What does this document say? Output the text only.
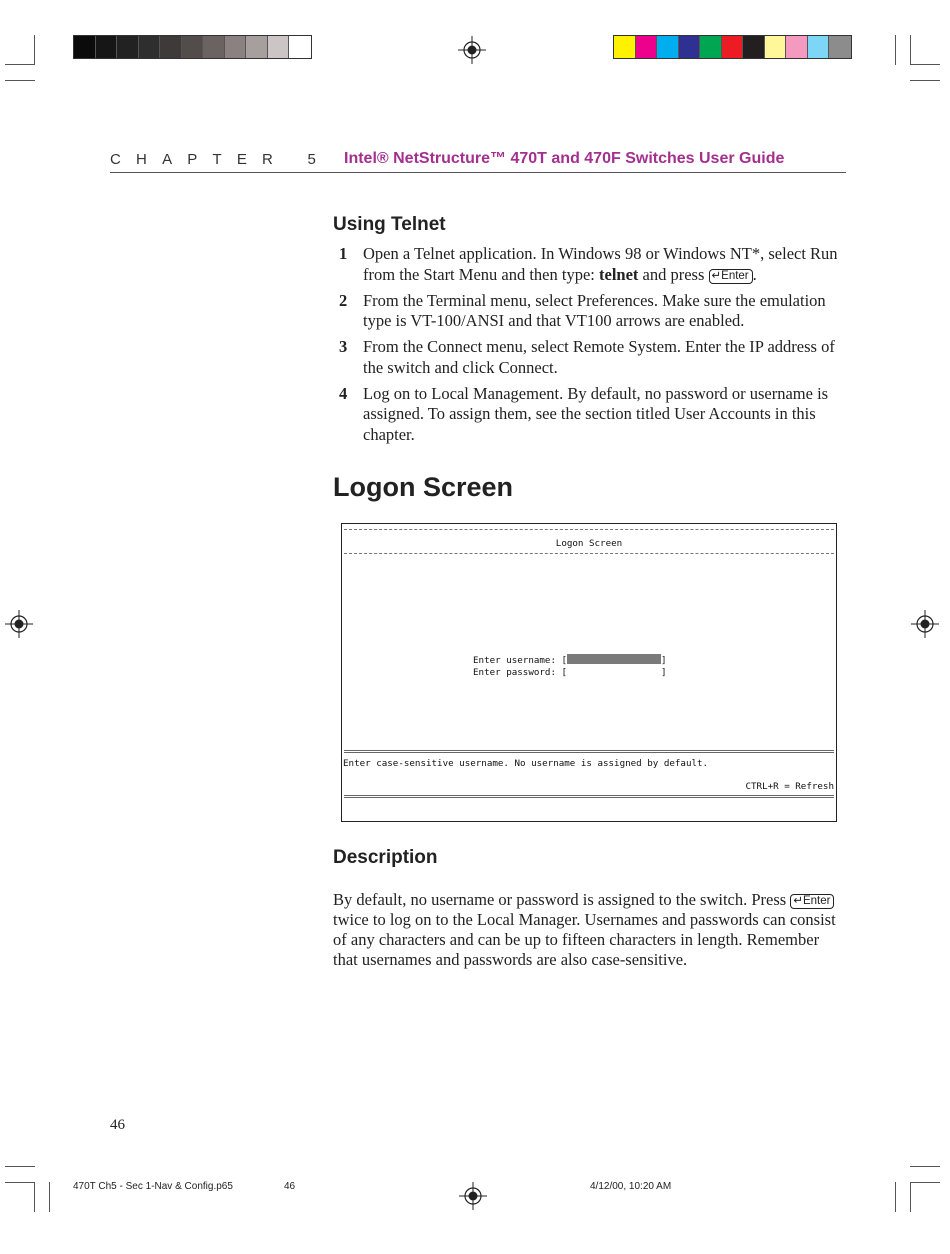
CHAPTER 5 Intel® NetStructure™ 470T and 470F Switches User Guide
Using Telnet
1 Open a Telnet application. In Windows 98 or Windows NT*, select Run from the Start Menu and then type: telnet and press ↵Enter .
2 From the Terminal menu, select Preferences. Make sure the emulation type is VT-100/ANSI and that VT100 arrows are enabled.
3 From the Connect menu, select Remote System. Enter the IP address of the switch and click Connect.
4 Log on to Local Management. By default, no password or username is assigned. To assign them, see the section titled User Accounts in this chapter.
Logon Screen
Logon Screen
Enter username: [	]
Enter password: [	]
Enter case-sensitive username. No username is assigned by default.
CTRL+R = Refresh
Description

By default, no username or password is assigned to the switch. Press ↵Enter twice to log on to the Local Manager. Usernames and passwords can consist of any characters and can be up to fifteen characters in length. Remember that usernames and passwords are also case-sensitive.

46
470T Ch5 - Sec 1-Nav & Config.p65	46	4/12/00, 10:20 AM
